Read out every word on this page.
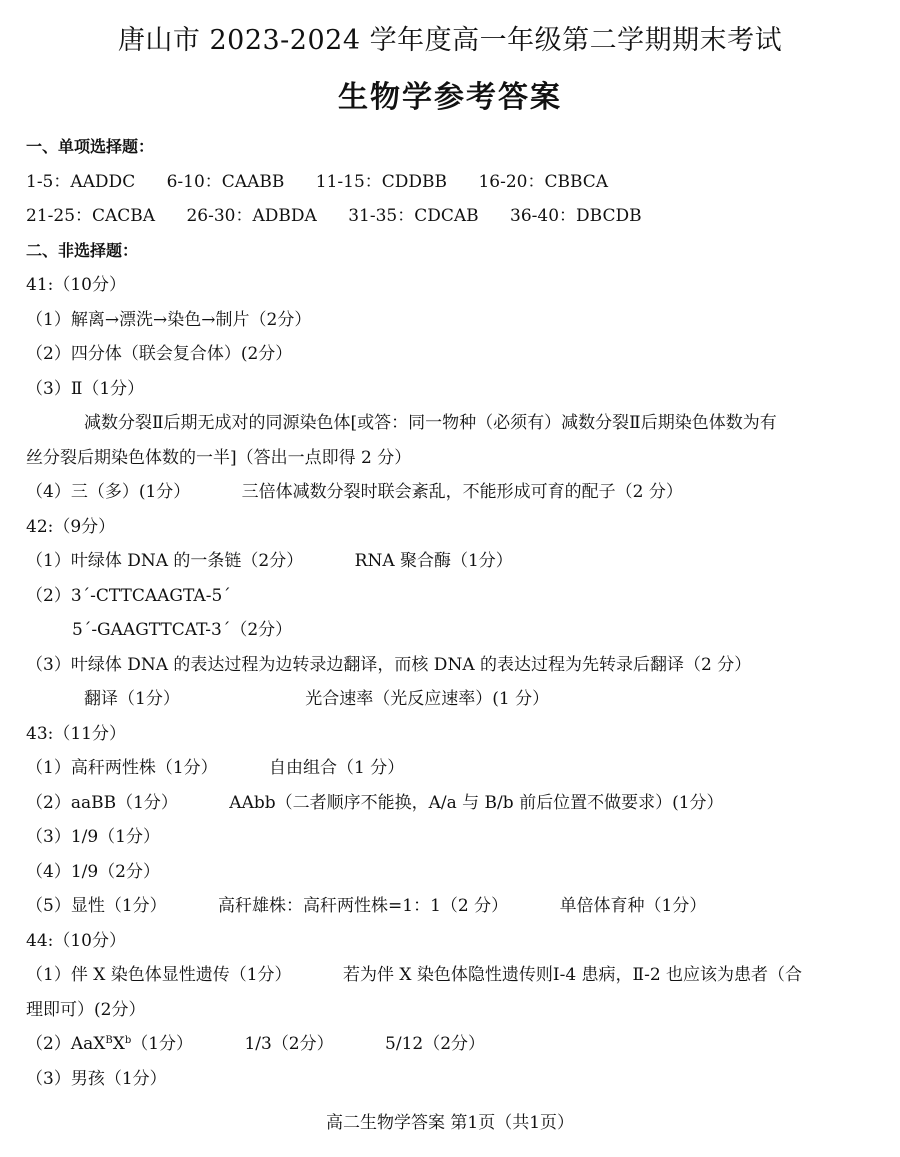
唐山市 2023-2024 学年度高一年级第二学期期末考试
生物学参考答案
一、单项选择题：
1-5：AADDC 6-10：CAABB 11-15：CDDBB 16-20：CBBCA
21-25：CACBA 26-30：ADBDA 31-35：CDCAB 36-40：DBCDB
二、非选择题：
41:（10分）
（1）解离→漂洗→染色→制片（2分）
（2）四分体（联会复合体）(2分）
（3）Ⅱ（1分）
减数分裂Ⅱ后期无成对的同源染色体[或答：同一物种（必须有）减数分裂Ⅱ后期染色体数为有
丝分裂后期染色体数的一半]（答出一点即得 2 分）
（4）三（多）(1分）	三倍体减数分裂时联会紊乱，不能形成可育的配子（2 分）
42:（9分）
（1）叶绿体 DNA 的一条链（2分）	RNA 聚合酶（1分）
（2）3´-CTTCAAGTA-5´
5´-GAAGTTCAT-3´（2分）
（3）叶绿体 DNA 的表达过程为边转录边翻译，而核 DNA 的表达过程为先转录后翻译（2 分）
翻译（1分）	光合速率（光反应速率）(1 分）
43:（11分）
（1）高秆两性株（1分）	自由组合（1 分）
（2）aaBB（1分）	AAbb（二者顺序不能换，A/a 与 B/b 前后位置不做要求）(1分）
（3）1/9（1分）
（4）1/9（2分）
（5）显性（1分）	高秆雄株：高秆两性株=1：1（2 分）	单倍体育种（1分）
44:（10分）
（1）伴 X 染色体显性遗传（1分）	若为伴 X 染色体隐性遗传则Ⅰ-4 患病，Ⅱ-2 也应该为患者（合
理即可）(2分）
$(2)AaX^BX^b(1$分）	1/3（2分）	5/12（2分）
（3）男孩（1分）
高二生物学答案 第1页（共1页）
